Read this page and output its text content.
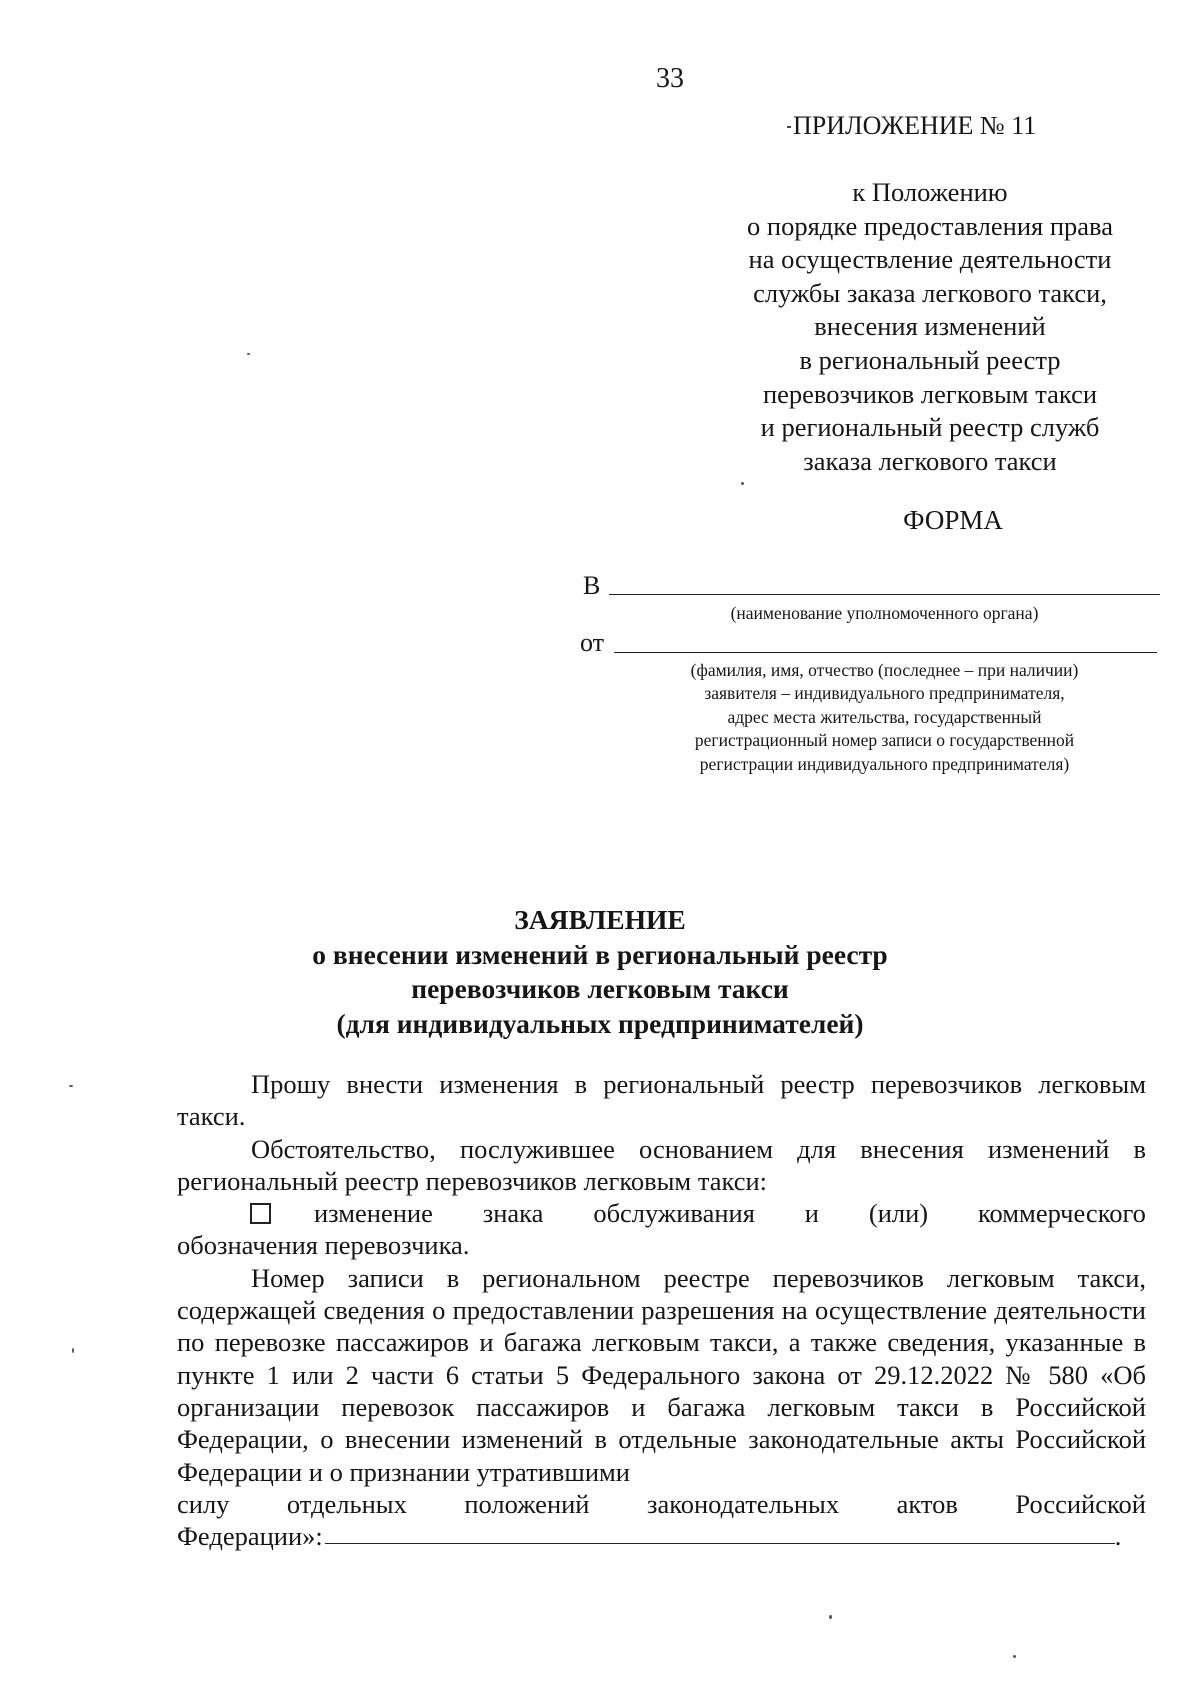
33
ПРИЛОЖЕНИЕ № 11
к Положению
о порядке предоставления права
на осуществление деятельности
службы заказа легкового такси,
внесения изменений
в региональный реестр
перевозчиков легковым такси
и региональный реестр служб
заказа легкового такси
ФОРМА
В
(наименование уполномоченного органа)
от
(фамилия, имя, отчество (последнее – при наличии)
заявителя – индивидуального предпринимателя,
адрес места жительства, государственный
регистрационный номер записи о государственной
регистрации индивидуального предпринимателя)
ЗАЯВЛЕНИЕ
о внесении изменений в региональный реестр
перевозчиков легковым такси
(для индивидуальных предпринимателей)

Прошу внести изменения в региональный реестр перевозчиков легковым такси.

Обстоятельство, послужившее основанием для внесения изменений в региональный реестр перевозчиков легковым такси:

изменение знака обслуживания и (или) коммерческого
обозначения перевозчика.

Номер записи в региональном реестре перевозчиков легковым такси, содержащей сведения о предоставлении разрешения на осуществление деятельности по перевозке пассажиров и багажа легковым такси, а также сведения, указанные в пункте 1 или 2 части 6 статьи 5 Федерального закона от 29.12.2022 № 580 «Об организации перевозок пассажиров и багажа легковым такси в Российской Федерации, о внесении изменений в отдельные законодательные акты Российской Федерации и о признании утратившими

силу отдельных положений законодательных актов Российской
Федерации»:	.
